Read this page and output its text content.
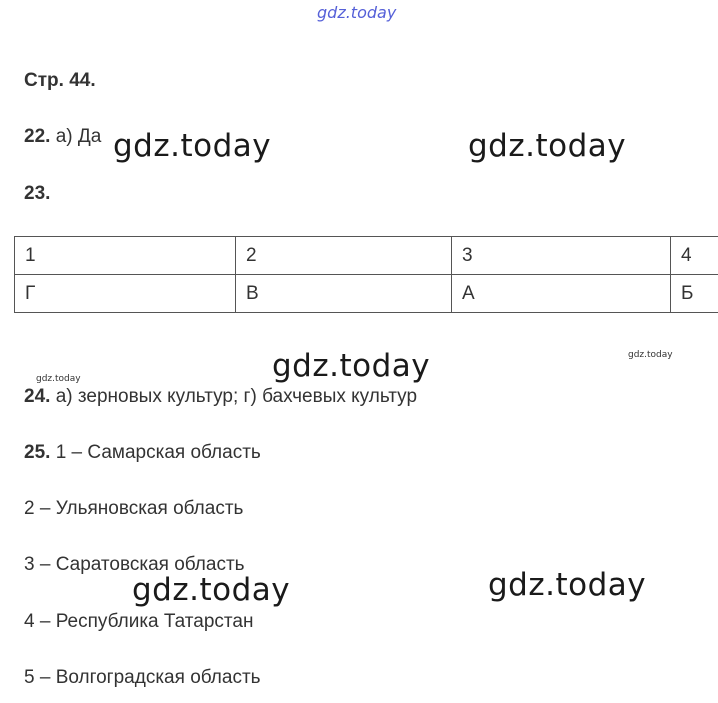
gdz.today
Стр. 44.
22. а) Да gdz.today	gdz.today
23.
1	2	3	4
Г	В	А	Б
gdz.today	gdz.today
gdz.today
24. а) зерновых культур; г) бахчевых культур
25. 1 – Самарская область
2 – Ульяновская область
3 – Саратовская область
gdz.today	gdz.today
4 – Республика Татарстан
5 – Волгоградская область
